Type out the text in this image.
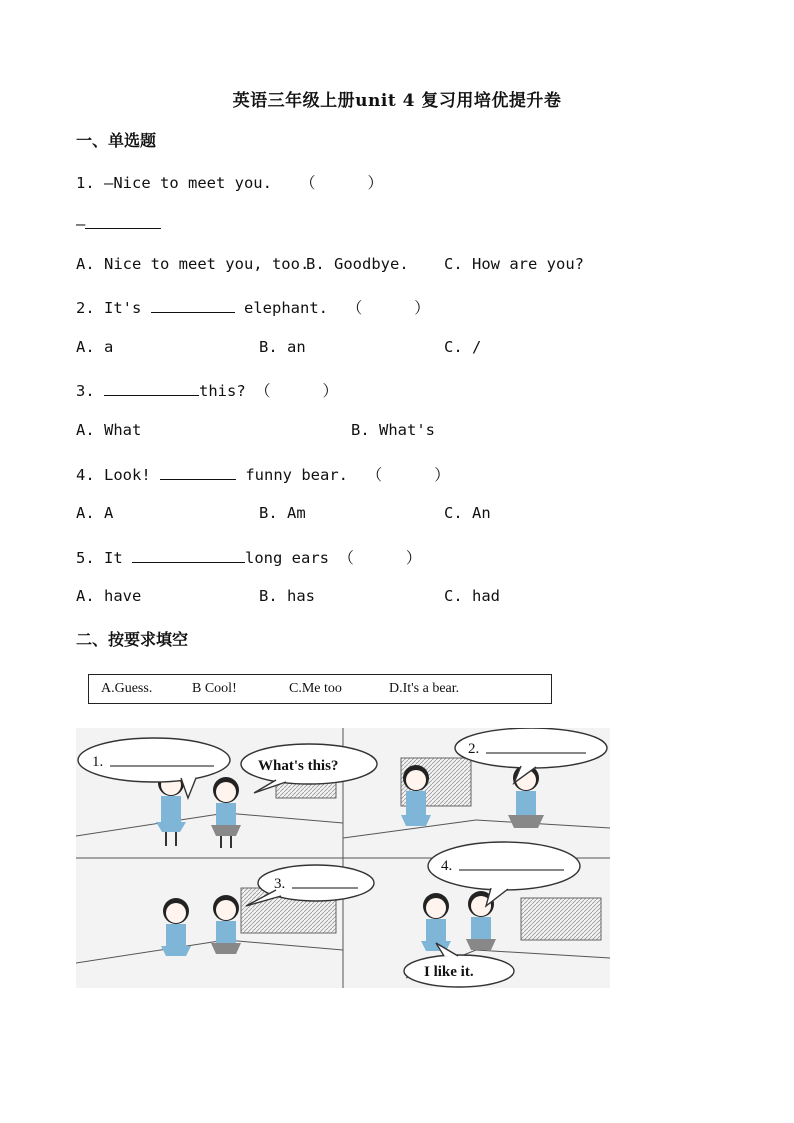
英语三年级上册unit 4 复习用培优提升卷
一、单选题
1. —Nice to meet you. （	）
—
A. Nice to meet you, too.
B. Goodbye. C. How are you?
2. It's	elephant. （	）
A. a	B. an	C. /
3.	this? （	）
A. What	B. What's
4. Look!	funny bear. （	）
A. A	B. Am	C. An
5. It	long ears （	）
A. have	B. has	C. had
二、按要求填空
A.Guess.	B Cool!	C.Me too	D.It's a bear.
1.	What's this?
2.
3.
4.
I like it.
